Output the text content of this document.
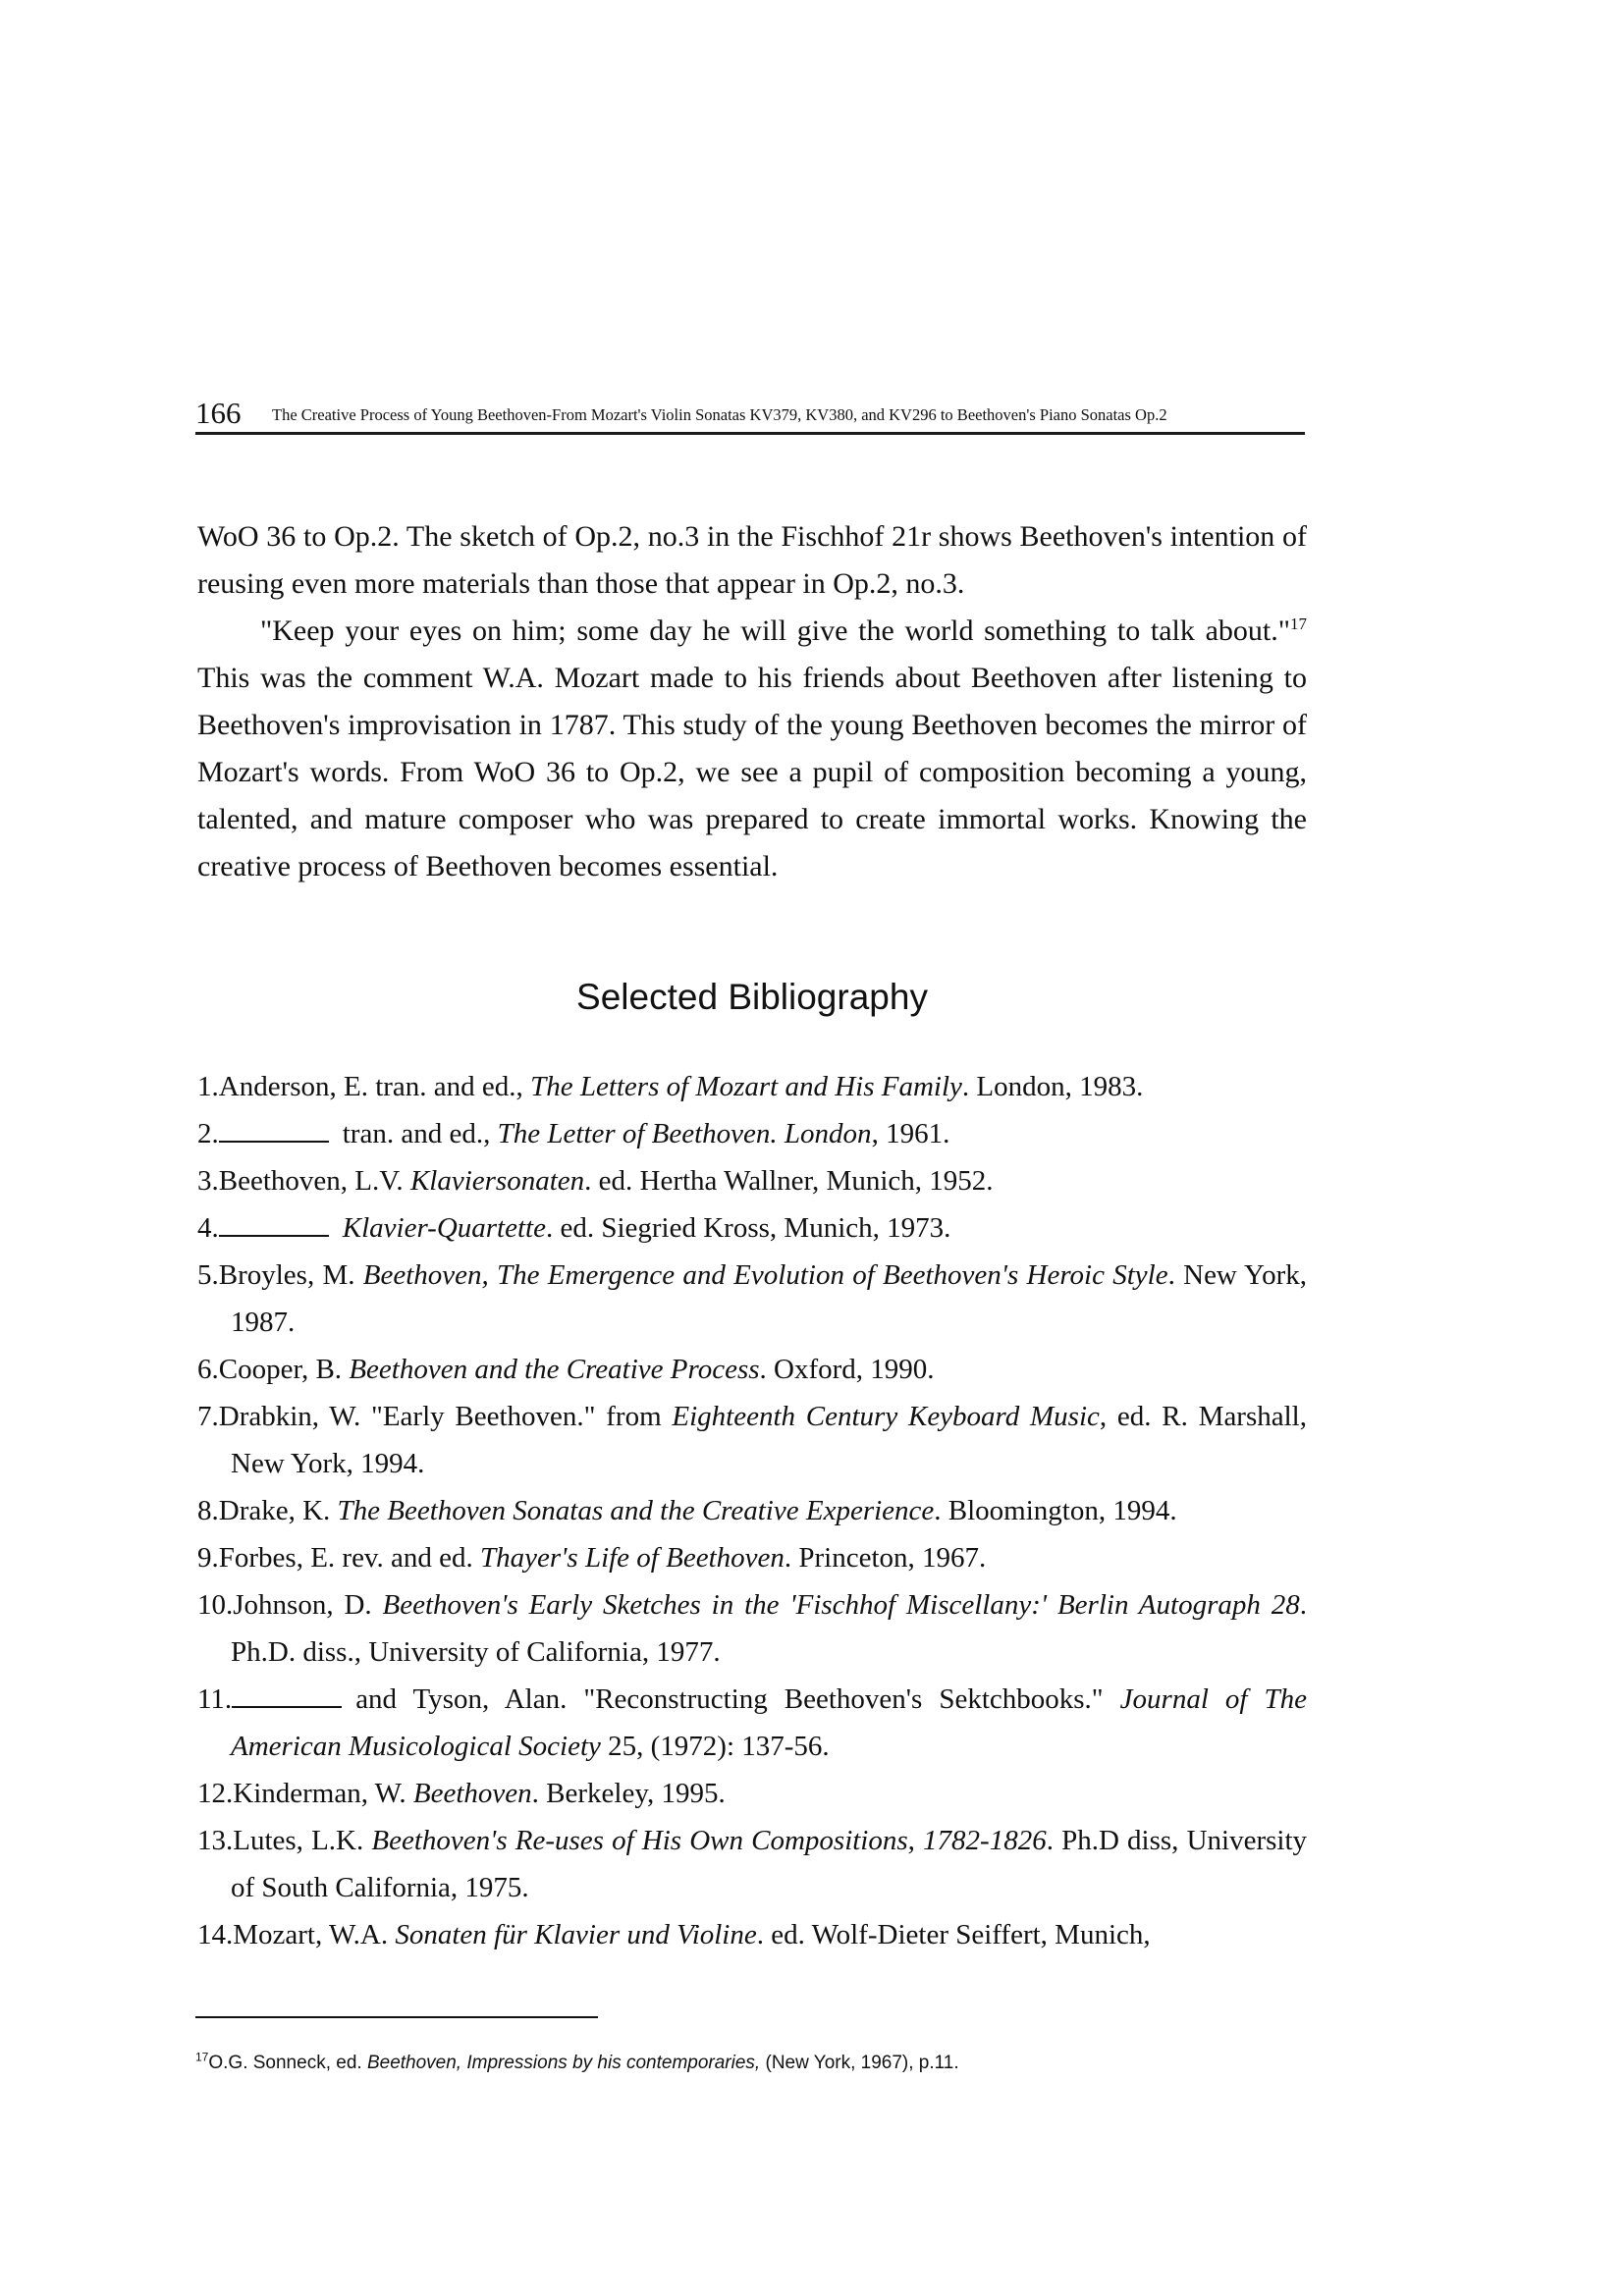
166 The Creative Process of Young Beethoven-From Mozart's Violin Sonatas KV379, KV380, and KV296 to Beethoven's Piano Sonatas Op.2

WoO 36 to Op.2. The sketch of Op.2, no.3 in the Fischhof 21r shows Beethoven's intention of reusing even more materials than those that appear in Op.2, no.3.

"Keep your eyes on him; some day he will give the world something to talk about."$^{17}$ This was the comment W.A. Mozart made to his friends about Beethoven after listening to Beethoven's improvisation in 1787. This study of the young Beethoven becomes the mirror of Mozart's words. From WoO 36 to Op.2, we see a pupil of composition becoming a young, talented, and mature composer who was prepared to create immortal works. Knowing the creative process of Beethoven becomes essential.

Selected Bibliography
1.Anderson, E. tran. and ed., The Letters of Mozart and His Family. London, 1983.
2.	tran. and ed., The Letter of Beethoven. London, 1961.
3.Beethoven, L.V. Klaviersonaten. ed. Hertha Wallner, Munich, 1952.
4.	Klavier-Quartette. ed. Siegried Kross, Munich, 1973.
5.Broyles, M. Beethoven, The Emergence and Evolution of Beethoven's Heroic Style. New York, 1987.
6.Cooper, B. Beethoven and the Creative Process. Oxford, 1990.
7.Drabkin, W. "Early Beethoven." from Eighteenth Century Keyboard Music, ed. R. Marshall, New York, 1994.
8.Drake, K. The Beethoven Sonatas and the Creative Experience. Bloomington, 1994.
9.Forbes, E. rev. and ed. Thayer's Life of Beethoven. Princeton, 1967.
10.Johnson, D. Beethoven's Early Sketches in the 'Fischhof Miscellany:' Berlin Autograph 28. Ph.D. diss., University of California, 1977.
11.	and Tyson, Alan. "Reconstructing Beethoven's Sektchbooks." Journal of The American Musicological Society 25, (1972): 137-56.
12.Kinderman, W. Beethoven. Berkeley, 1995.
13.Lutes, L.K. Beethoven's Re-uses of His Own Compositions, 1782-1826. Ph.D diss, University of South California, 1975.
14.Mozart, W.A. Sonaten für Klavier und Violine. ed. Wolf-Dieter Seiffert, Munich,
$^{17}$O.G. Sonneck, ed. Beethoven, Impressions by his contemporaries, (New York, 1967), p.11.
